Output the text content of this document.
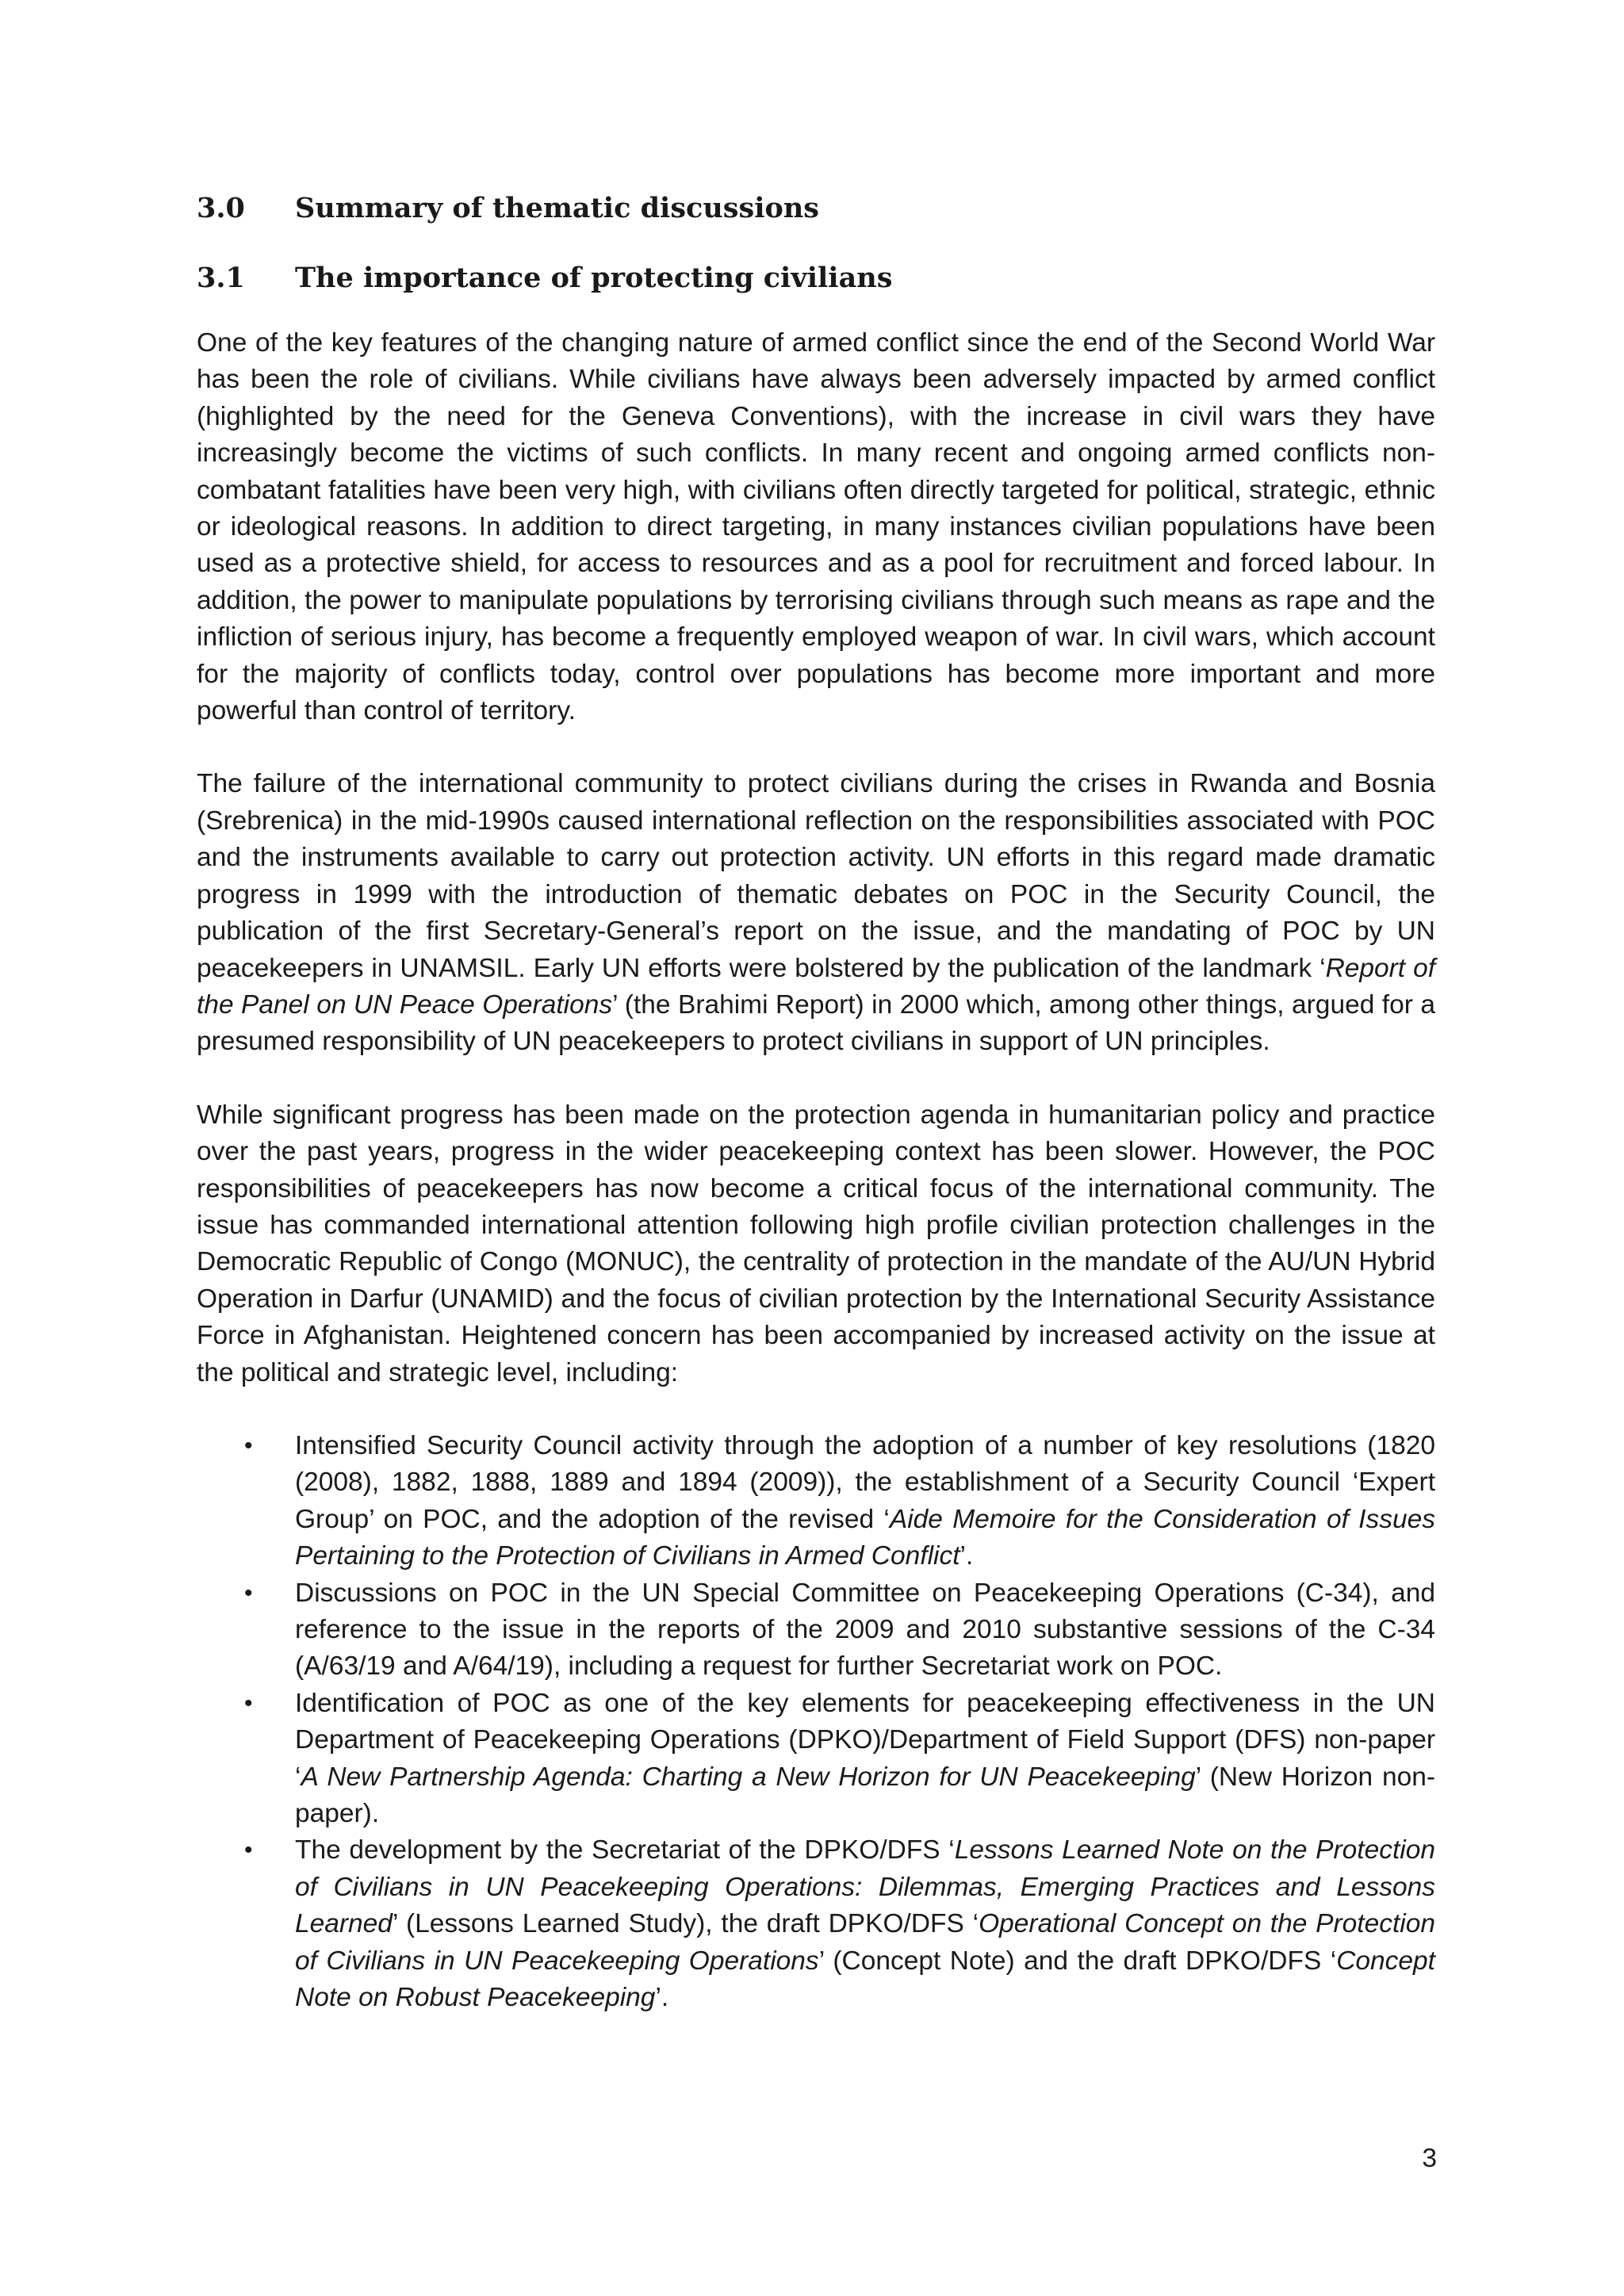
3.0	Summary of thematic discussions
3.1	The importance of protecting civilians

One of the key features of the changing nature of armed conflict since the end of the Second World War has been the role of civilians. While civilians have always been adversely impacted by armed conflict (highlighted by the need for the Geneva Conventions), with the increase in civil wars they have increasingly become the victims of such conflicts. In many recent and ongoing armed conflicts non-combatant fatalities have been very high, with civilians often directly targeted for political, strategic, ethnic or ideological reasons. In addition to direct targeting, in many instances civilian populations have been used as a protective shield, for access to resources and as a pool for recruitment and forced labour. In addition, the power to manipulate populations by terrorising civilians through such means as rape and the infliction of serious injury, has become a frequently employed weapon of war. In civil wars, which account for the majority of conflicts today, control over populations has become more important and more powerful than control of territory.

The failure of the international community to protect civilians during the crises in Rwanda and Bosnia (Srebrenica) in the mid-1990s caused international reflection on the responsibilities associated with POC and the instruments available to carry out protection activity. UN efforts in this regard made dramatic progress in 1999 with the introduction of thematic debates on POC in the Security Council, the publication of the first Secretary-General’s report on the issue, and the mandating of POC by UN peacekeepers in UNAMSIL. Early UN efforts were bolstered by the publication of the landmark ‘Report of the Panel on UN Peace Operations’ (the Brahimi Report) in 2000 which, among other things, argued for a presumed responsibility of UN peacekeepers to protect civilians in support of UN principles.

While significant progress has been made on the protection agenda in humanitarian policy and practice over the past years, progress in the wider peacekeeping context has been slower. However, the POC responsibilities of peacekeepers has now become a critical focus of the international community. The issue has commanded international attention following high profile civilian protection challenges in the Democratic Republic of Congo (MONUC), the centrality of protection in the mandate of the AU/UN Hybrid Operation in Darfur (UNAMID) and the focus of civilian protection by the International Security Assistance Force in Afghanistan. Heightened concern has been accompanied by increased activity on the issue at the political and strategic level, including:

• Intensified Security Council activity through the adoption of a number of key resolutions (1820 (2008), 1882, 1888, 1889 and 1894 (2009)), the establishment of a Security Council ‘Expert Group’ on POC, and the adoption of the revised ‘Aide Memoire for the Consideration of Issues Pertaining to the Protection of Civilians in Armed Conflict’.
• Discussions on POC in the UN Special Committee on Peacekeeping Operations (C-34), and reference to the issue in the reports of the 2009 and 2010 substantive sessions of the C-34 (A/63/19 and A/64/19), including a request for further Secretariat work on POC.
• Identification of POC as one of the key elements for peacekeeping effectiveness in the UN Department of Peacekeeping Operations (DPKO)/Department of Field Support (DFS) non-paper ‘A New Partnership Agenda: Charting a New Horizon for UN Peacekeeping’ (New Horizon non-paper).
• The development by the Secretariat of the DPKO/DFS ‘Lessons Learned Note on the Protection of Civilians in UN Peacekeeping Operations: Dilemmas, Emerging Practices and Lessons Learned’ (Lessons Learned Study), the draft DPKO/DFS ‘Operational Concept on the Protection of Civilians in UN Peacekeeping Operations’ (Concept Note) and the draft DPKO/DFS ‘Concept Note on Robust Peacekeeping’.
3
